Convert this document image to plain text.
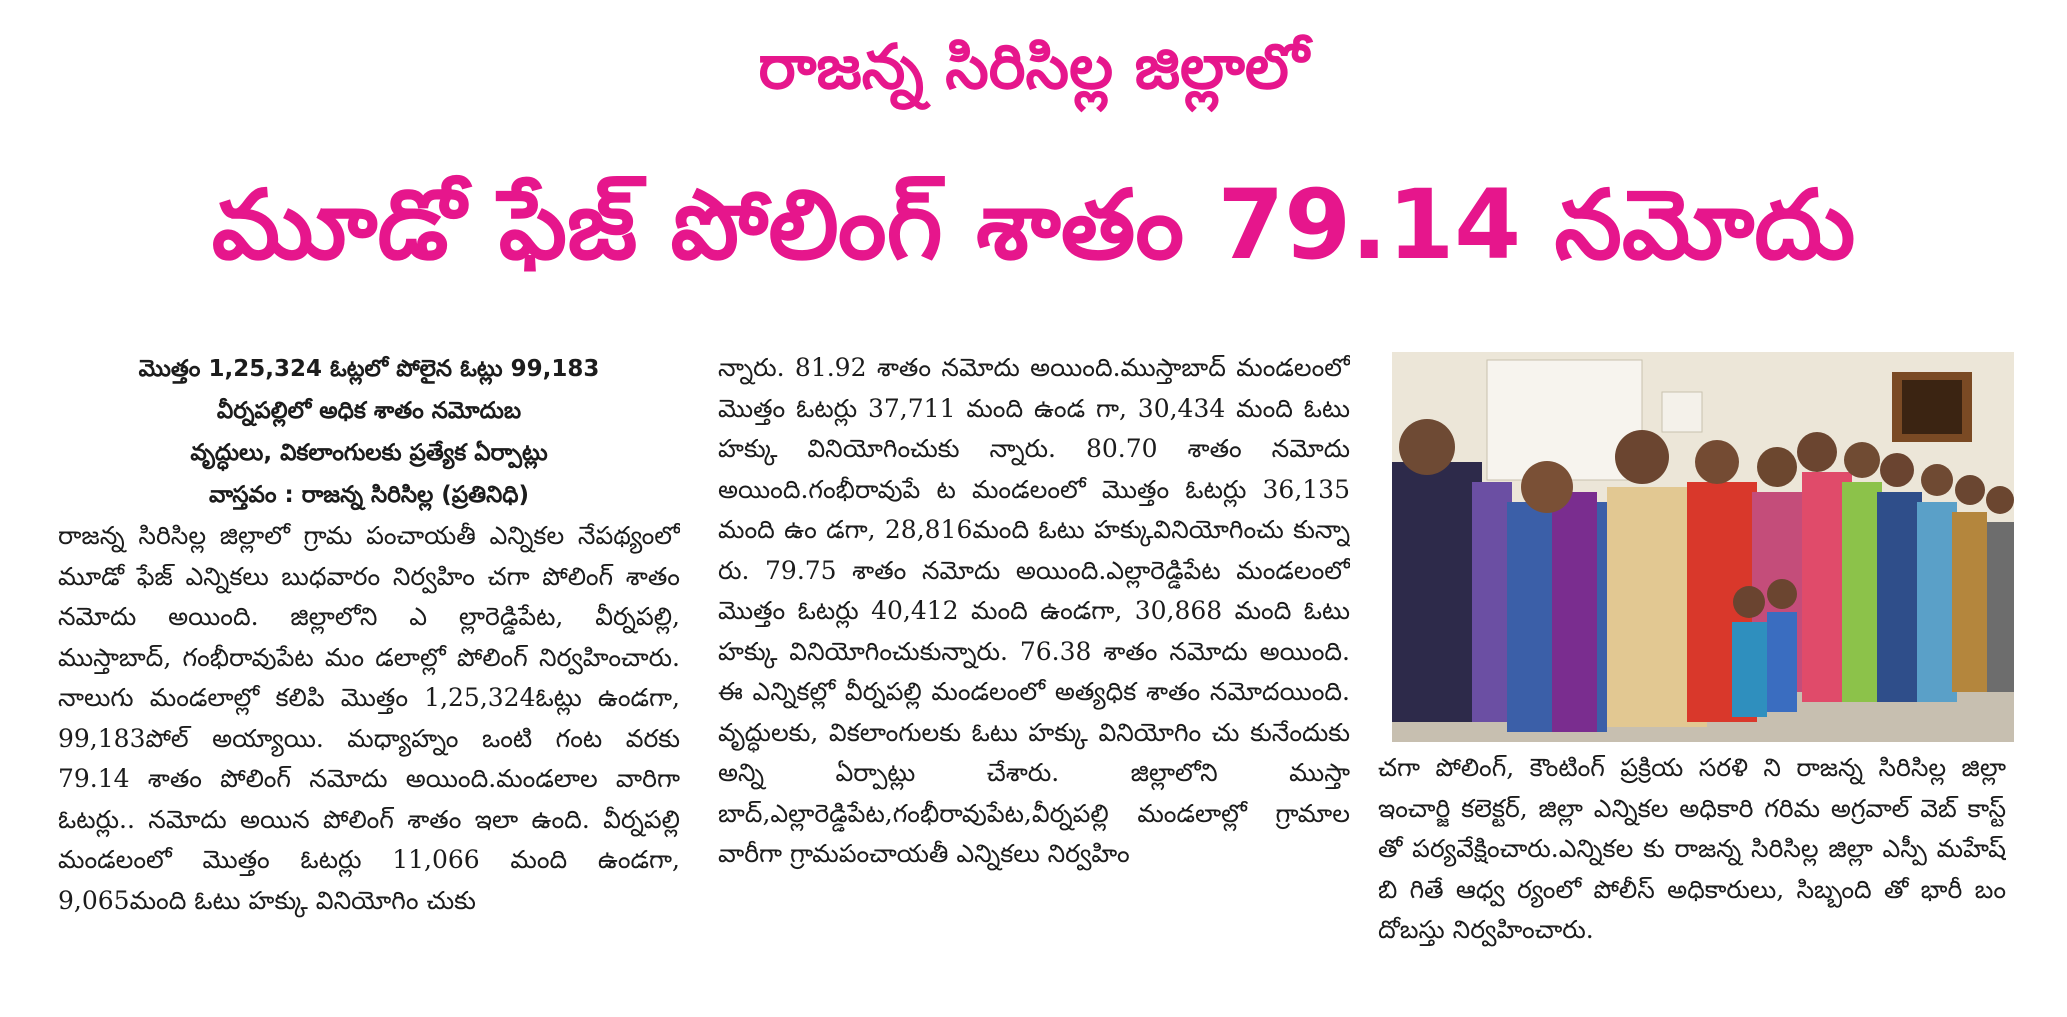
రాజన్న సిరిసిల్ల జిల్లాలో
మూడో ఫేజ్ పోలింగ్ శాతం 79.14 నమోదు

మొత్తం 1,25,324 ఓట్లలో పోలైన ఓట్లు 99,183

వీర్నపల్లిలో అధిక శాతం నమోదుబ

వృద్ధులు, వికలాంగులకు ప్రత్యేక ఏర్పాట్లు

వాస్తవం : రాజన్న సిరిసిల్ల (ప్రతినిధి)

రాజన్న సిరిసిల్ల జిల్లాలో గ్రామ పంచాయతీ ఎన్నికల నేపథ్యంలో మూడో ఫేజ్ ఎన్నికలు బుధవారం నిర్వహిం చగా పోలింగ్ శాతం నమోదు అయింది. జిల్లాలోని ఎ ల్లారెడ్డిపేట, వీర్నపల్లి, ముస్తాబాద్, గంభీరావుపేట మం డలాల్లో పోలింగ్ నిర్వహించారు. నాలుగు మండలాల్లో కలిపి మొత్తం 1,25,324ఓట్లు ఉండగా, 99,183పోల్ అయ్యాయి. మధ్యాహ్నం ఒంటి గంట వరకు 79.14 శాతం పోలింగ్ నమోదు అయింది.మండలాల వారిగా ఓటర్లు.. నమోదు అయిన పోలింగ్ శాతం ఇలా ఉంది. వీర్నపల్లి మండలంలో మొత్తం ఓటర్లు 11,066 మంది ఉండగా, 9,065మంది ఓటు హక్కు వినియోగిం చుకు

న్నారు. 81.92 శాతం నమోదు అయింది.ముస్తాబాద్ మండలంలో మొత్తం ఓటర్లు 37,711 మంది ఉండ గా, 30,434 మంది ఓటు హక్కు వినియోగించుకు న్నారు. 80.70 శాతం నమోదు అయింది.గంభీరావుపే ట మండలంలో మొత్తం ఓటర్లు 36,135 మంది ఉం డగా, 28,816మంది ఓటు హక్కువినియోగించు కున్నా రు. 79.75 శాతం నమోదు అయింది.ఎల్లారెడ్డిపేట మండలంలో మొత్తం ఓటర్లు 40,412 మంది ఉండగా, 30,868 మంది ఓటు హక్కు వినియోగించుకున్నారు. 76.38 శాతం నమోదు అయింది. ఈ ఎన్నికల్లో వీర్నపల్లి మండలంలో అత్యధిక శాతం నమోదయింది. వృద్ధులకు, వికలాంగులకు ఓటు హక్కు వినియోగిం చు కునేందుకు అన్ని ఏర్పాట్లు చేశారు. జిల్లాలోని ముస్తా బాద్,ఎల్లారెడ్డిపేట,గంభీరావుపేట,వీర్నపల్లి మండలాల్లో గ్రామాల వారీగా గ్రామపంచాయతీ ఎన్నికలు నిర్వహిం

చగా పోలింగ్, కౌంటింగ్ ప్రక్రియ సరళి ని రాజన్న సిరిసిల్ల జిల్లా ఇంచార్జి కలెక్టర్, జిల్లా ఎన్నికల అధికారి గరిమ అగ్రవాల్ వెబ్ కాస్ట్ తో పర్యవేక్షించారు.ఎన్నికల కు రాజన్న సిరిసిల్ల జిల్లా ఎస్పీ మహేష్ బి గితే ఆధ్వ ర్యంలో పోలీస్ అధికారులు, సిబ్బంది తో భారీ బం దోబస్తు నిర్వహించారు.
